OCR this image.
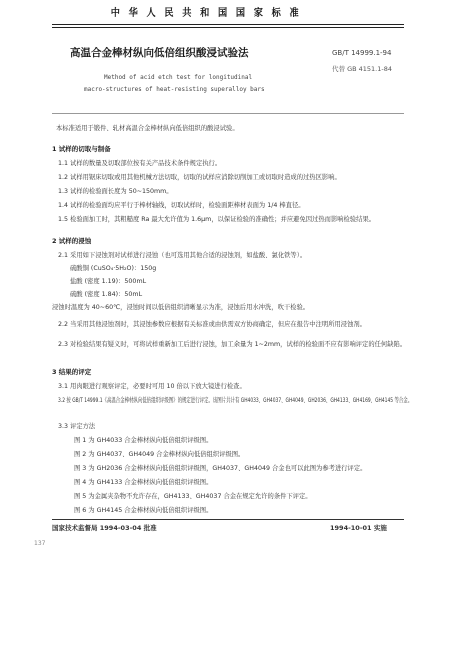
中 华 人 民 共 和 国 国 家 标 准
高温合金棒材纵向低倍组织酸浸试验法	GB/T 14999.1-94
代替 GB 4151.1-84
Method of acid etch test for longitudinal
macro-structures of heat-resisting superalloy bars
本标准适用于锻件、轧材高温合金棒材纵向低倍组织的酸浸试验。
1 试样的切取与制备
1.1 试样的数量及切取部位按有关产品技术条件规定执行。
1.2 试样用锯床切取或用其他机械方法切取，切取的试样应消除切削加工或切取时造成的过热区影响。
1.3 试样的检验面长度为 50~150mm。
1.4 试样的检验面均应平行于棒材轴线，切取试样时，检验面距棒材表面为 1/4 棒直径。
1.5 检验面加工时，其粗糙度 Ra 最大允许值为 1.6μm，以保证检验的准确性；并应避免因过热而影响检验结果。
2 试样的浸蚀
2.1 采用如下浸蚀剂对试样进行浸蚀（也可选用其他合适的浸蚀剂，如盐酸、氯化铁等）。
硫酸铜 (CuSO₄·5H₂O)：150g
盐酸 (密度 1.19)：500mL
硫酸 (密度 1.84)：50mL
浸蚀时温度为 40~60℃，浸蚀时间以低倍组织清晰显示为准，浸蚀后用水冲洗，吹干检验。
2.2 当采用其他浸蚀剂时，其浸蚀参数应根据有关标准或由供需双方协商确定，但应在报告中注明所用浸蚀剂。
2.3 对检验结果有疑义时，可将试样重新加工后进行浸蚀，加工余量为 1~2mm，试样的检验面不应有影响评定的任何缺陷。
3 结果的评定
3.1 用肉眼进行观察评定，必要时可用 10 倍以下放大镜进行检查。
3.2 按 GB/T 14999.1《高温合金棒材纵向低倍组织评级图》的规定进行评定。该图片共计有 GH4033、GH4037、GH4049、GH2036、GH4133、GH4169、GH4145 等合金。
3.3 评定方法
图 1 为 GH4033 合金棒材纵向低倍组织评级图。
图 2 为 GH4037、GH4049 合金棒材纵向低倍组织评级图。
图 3 为 GH2036 合金棒材纵向低倍组织评级图，GH4037、GH4049 合金也可以此图为参考进行评定。
图 4 为 GH4133 合金棒材纵向低倍组织评级图。
图 5 为金属夹杂物不允许存在，GH4133、GH4037 合金在规定允许的条件下评定。
图 6 为 GH4145 合金棒材纵向低倍组织评级图。
国家技术监督局 1994-03-04 批准	1994-10-01 实施
137
